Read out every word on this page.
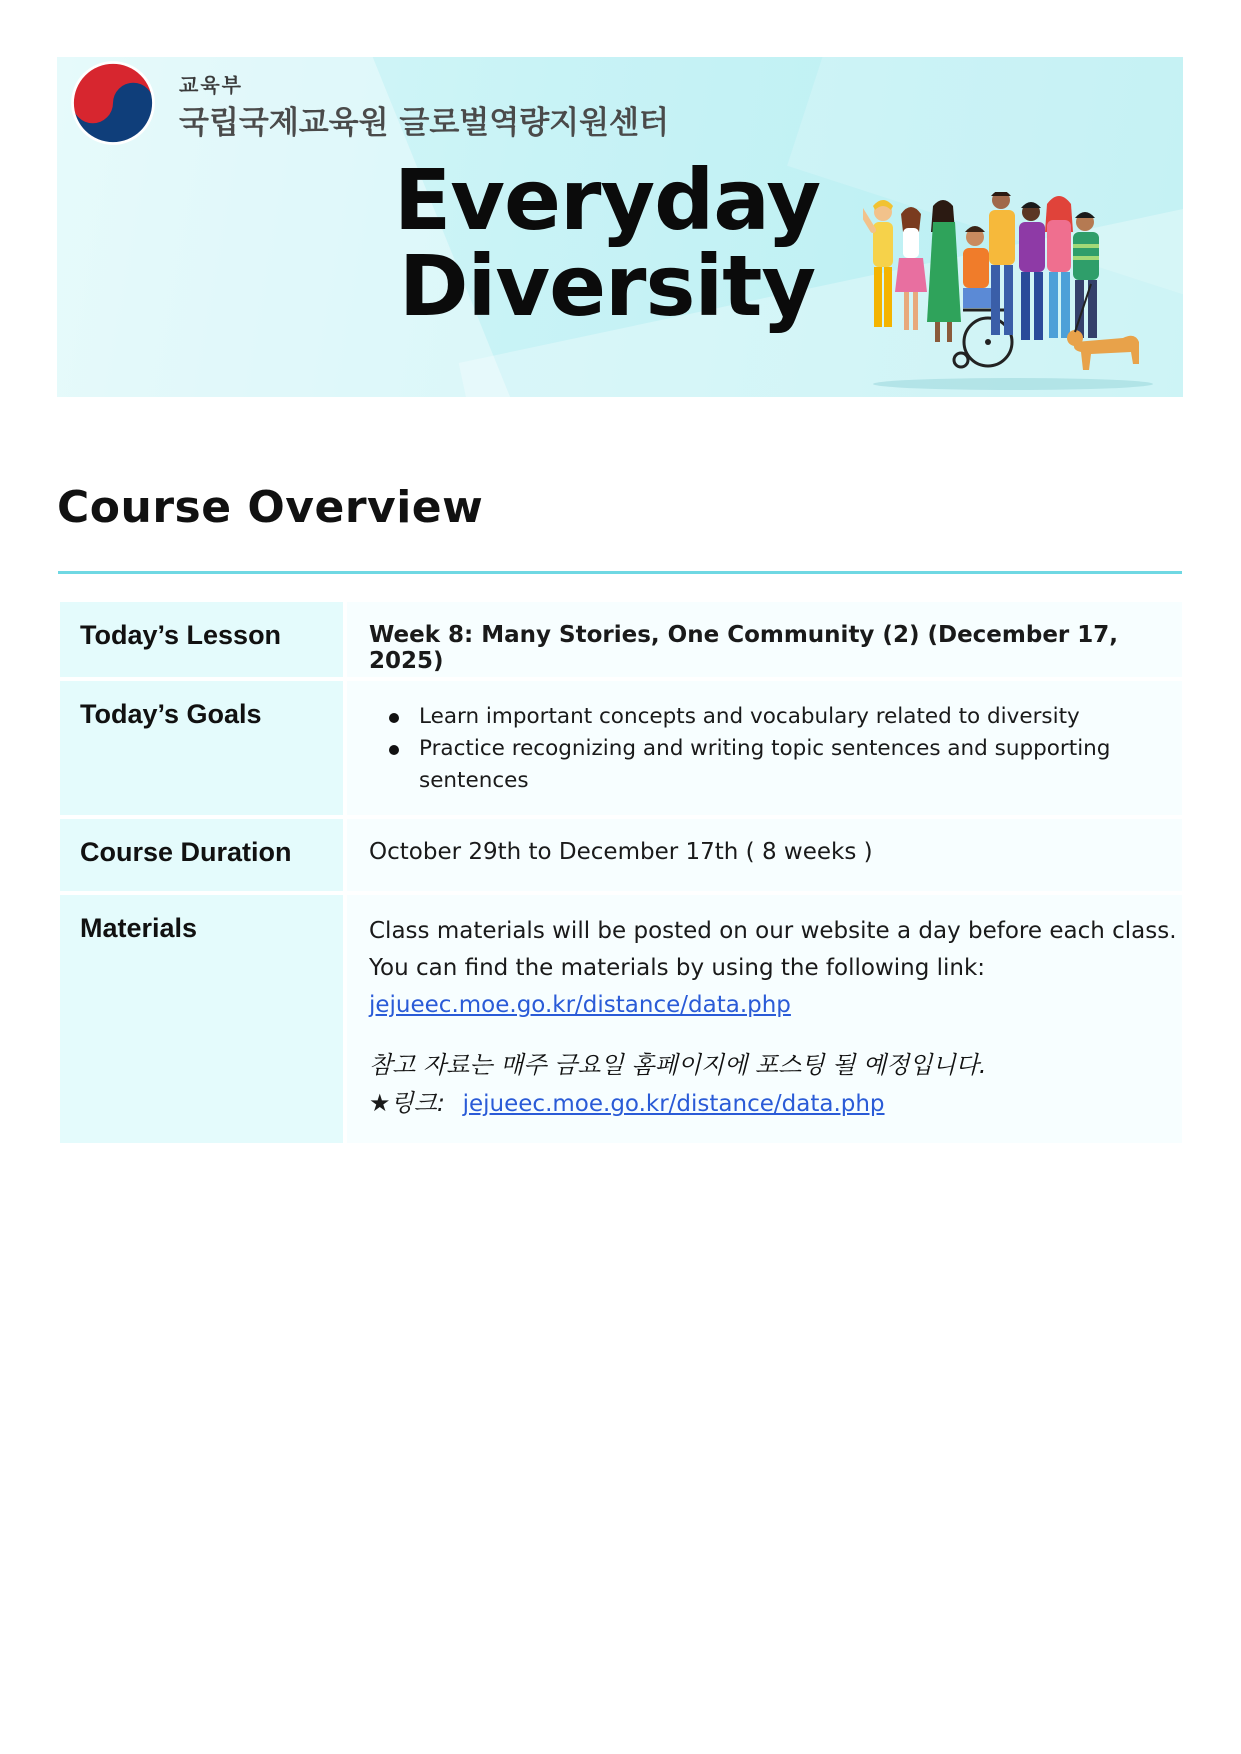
교육부
국립국제교육원 글로벌역량지원센터
Everyday
Diversity
Course Overview
Today’s Lesson	Week 8: Many Stories, One Community (2) (December 17, 2025)
Today’s Goals	Learn important concepts and vocabulary related to diversity
Practice recognizing and writing topic sentences and supporting sentences
Course Duration	October 29th to December 17th ( 8 weeks )
Materials	Class materials will be posted on our website a day before each class.
You can find the materials by using the following link:
jejueec.moe.go.kr/distance/data.php
참고 자료는 매주 금요일 홈페이지에 포스팅 될 예정입니다.
★링크: jejueec.moe.go.kr/distance/data.php
